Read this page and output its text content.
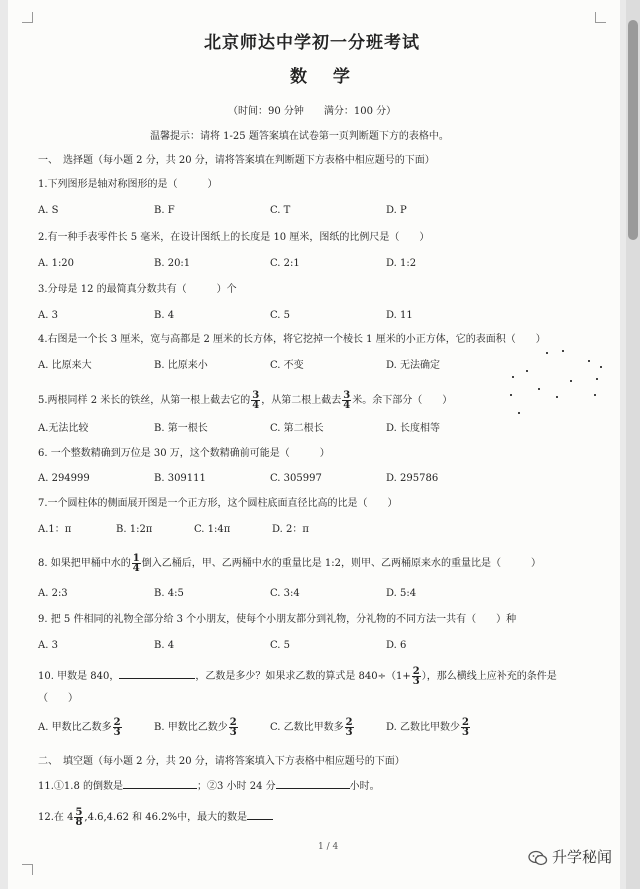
北京师达中学初一分班考试
数 学
（时间：90 分钟　　满分：100 分）
温馨提示：请将 1-25 题答案填在试卷第一页判断题下方的表格中。
一、　选择题（每小题 2 分，共 20 分，请将答案填在判断题下方表格中相应题号的下面）
1.下列图形是轴对称图形的是（　　　）
A. S	B. F	C. T	D. P
2.有一种手表零件长 5 毫米，在设计图纸上的长度是 10 厘米，图纸的比例尺是（　　）
A. 1:20	B. 20:1	C. 2:1	D. 1:2
3.分母是 12 的最简真分数共有（　　　）个
A. 3	B. 4	C. 5	D. 11
4.右图是一个长 3 厘米，宽与高都是 2 厘米的长方体，将它挖掉一个棱长 1 厘米的小正方体，它的表面积（　　）
A. 比原来大	B. 比原来小	C. 不变	D. 无法确定
5.两根同样 2 米长的铁丝，从第一根上截去它的 $\frac{3}{4}$ ，从第二根上截去 $\frac{3}{4}$ 米。余下部分（　　）
A.无法比较	B. 第一根长	C. 第二根长	D. 长度相等
6. 一个整数精确到万位是 30 万，这个数精确前可能是（　　　）
A. 294999	B. 309111	C. 305997	D. 295786
7.一个圆柱体的侧面展开图是一个正方形，这个圆柱底面直径比高的比是（　　）
A.1：π	B. 1:2π	C. 1:4π	D. 2：π
8. 如果把甲桶中水的 $\frac{1}{4}$ 倒入乙桶后，甲、乙两桶中水的重量比是 1:2，则甲、乙两桶原来水的重量比是（　　　）
A. 2:3	B. 4:5	C. 3:4	D. 5:4
9. 把 5 件相同的礼物全部分给 3 个小朋友，使每个小朋友都分到礼物，分礼物的不同方法一共有（　　）种
A. 3	B. 4	C. 5	D. 6
10. 甲数是 840，	，乙数是多少？如果求乙数的算式是 $840\div(1+ \frac{2}{3}$ ），那么横线上应补充的条件是
（　　）
A. 甲数比乙数多 $\frac{2}{3}$	B. 甲数比乙数少 $\frac{2}{3}$	C. 乙数比甲数多 $\frac{2}{3}$	D. 乙数比甲数少 $\frac{2}{3}$
二、　填空题（每小题 2 分，共 20 分，请将答案填入下方表格中相应题号的下面）
11.①1.8 的倒数是	；②3 小时 24 分	小时。
12.在 $4 \frac{5}{8} ,4.6,4.62$ 和 46.2%中，最大的数是
1 / 4
升学秘闻
